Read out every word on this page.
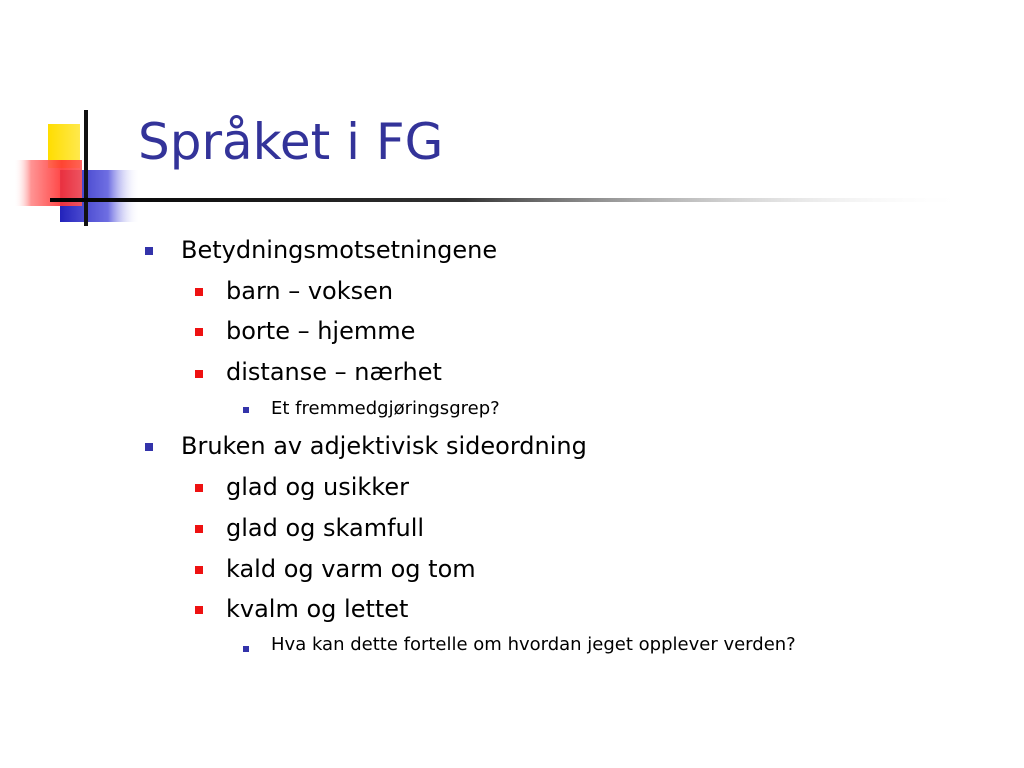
Språket i FG
Betydningsmotsetningene
barn – voksen
borte – hjemme
distanse – nærhet
Et fremmedgjøringsgrep?
Bruken av adjektivisk sideordning
glad og usikker
glad og skamfull
kald og varm og tom
kvalm og lettet
Hva kan dette fortelle om hvordan jeget opplever verden?
